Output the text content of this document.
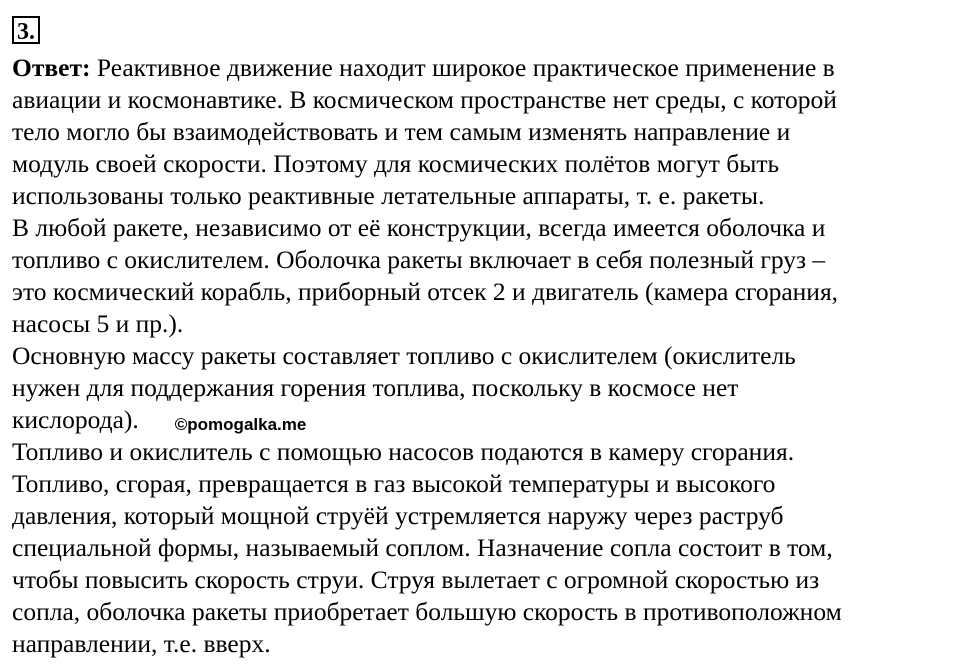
3.
Ответ: Реактивное движение находит широкое практическое применение в
авиации и космонавтике. В космическом пространстве нет среды, с которой
тело могло бы взаимодействовать и тем самым изменять направление и
модуль своей скорости. Поэтому для космических полётов могут быть
использованы только реактивные летательные аппараты, т. е. ракеты.
В любой ракете, независимо от её конструкции, всегда имеется оболочка и
топливо с окислителем. Оболочка ракеты включает в себя полезный груз –
это космический корабль, приборный отсек 2 и двигатель (камера сгорания,
насосы 5 и пр.).
Основную массу ракеты составляет топливо с окислителем (окислитель
нужен для поддержания горения топлива, поскольку в космосе нет
кислорода). ©pomogalka.me
Топливо и окислитель с помощью насосов подаются в камеру сгорания.
Топливо, сгорая, превращается в газ высокой температуры и высокого
давления, который мощной струёй устремляется наружу через раструб
специальной формы, называемый соплом. Назначение сопла состоит в том,
чтобы повысить скорость струи. Струя вылетает с огромной скоростью из
сопла, оболочка ракеты приобретает большую скорость в противоположном
направлении, т.е. вверх.
